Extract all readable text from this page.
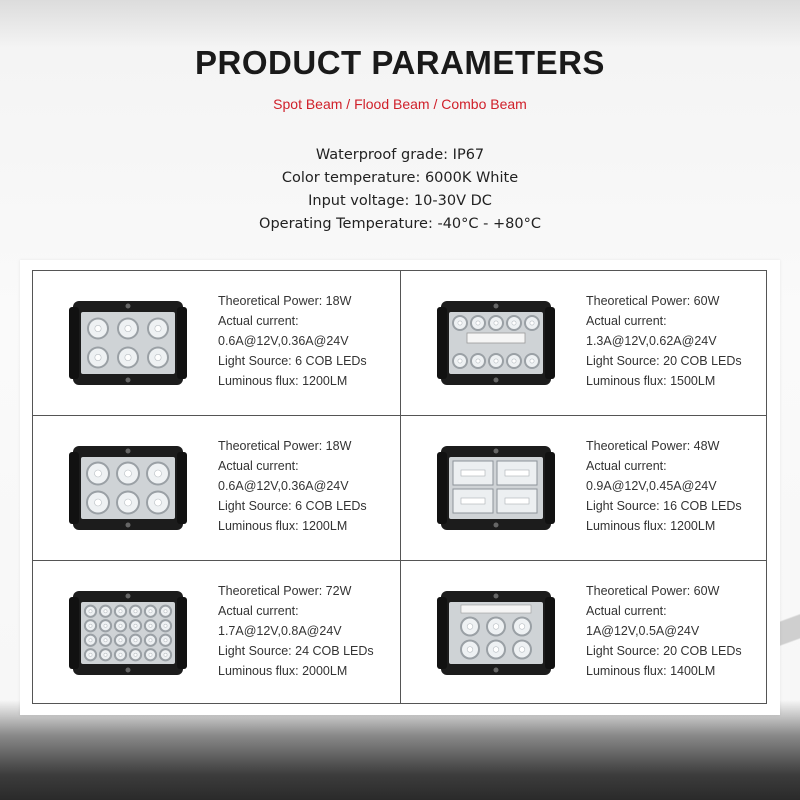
PRODUCT PARAMETERS
Spot Beam / Flood Beam / Combo Beam
Waterproof grade: IP67
Color temperature: 6000K White
Input voltage: 10-30V DC
Operating Temperature: -40°C - +80°C
Theoretical Power: 18W
Actual current:
0.6A@12V,0.36A@24V
Light Source: 6 COB LEDs
Luminous flux: 1200LM
Theoretical Power: 60W
Actual current:
1.3A@12V,0.62A@24V
Light Source: 20 COB LEDs
Luminous flux: 1500LM
Theoretical Power: 18W
Actual current:
0.6A@12V,0.36A@24V
Light Source: 6 COB LEDs
Luminous flux: 1200LM
Theoretical Power: 48W
Actual current:
0.9A@12V,0.45A@24V
Light Source: 16 COB LEDs
Luminous flux: 1200LM
Theoretical Power: 72W
Actual current:
1.7A@12V,0.8A@24V
Light Source: 24 COB LEDs
Luminous flux: 2000LM
Theoretical Power: 60W
Actual current:
1A@12V,0.5A@24V
Light Source: 20 COB LEDs
Luminous flux: 1400LM
